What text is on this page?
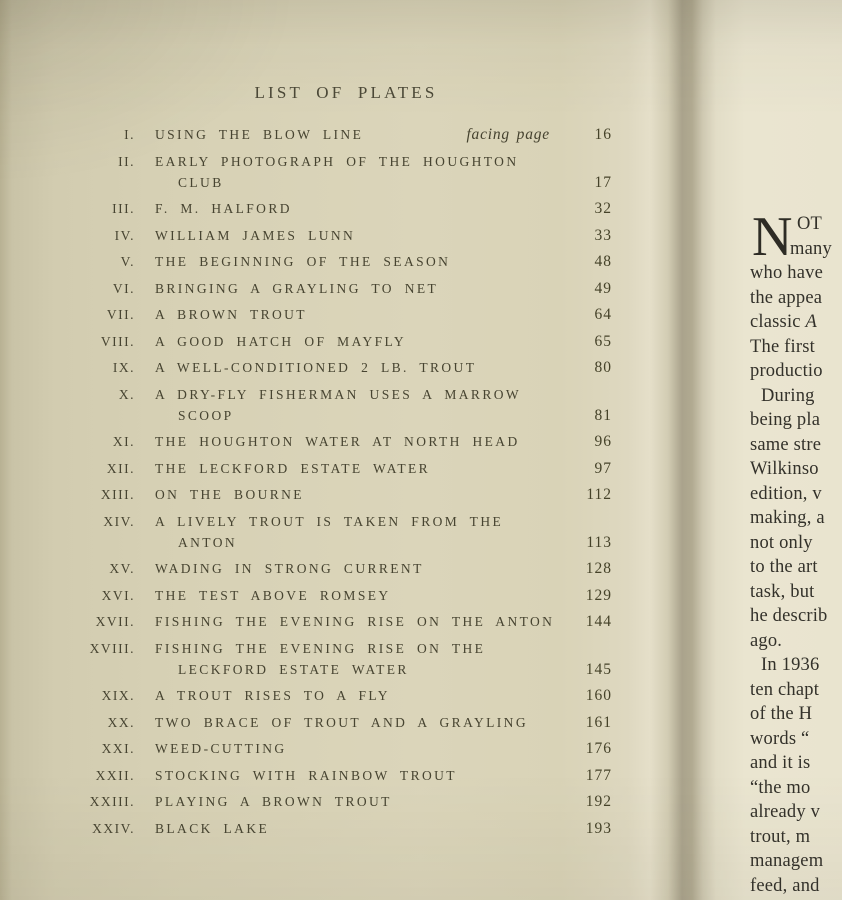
LIST OF PLATES
I. USING THE BLOW LINE	facing page	16
II. EARLY PHOTOGRAPH OF THE HOUGHTON
CLUB	17
III. F. M. HALFORD	32
IV. WILLIAM JAMES LUNN	33
V. THE BEGINNING OF THE SEASON	48
VI. BRINGING A GRAYLING TO NET	49
VII. A BROWN TROUT	64
VIII. A GOOD HATCH OF MAYFLY	65
IX. A WELL-CONDITIONED 2 LB. TROUT	80
X. A DRY-FLY FISHERMAN USES A MARROW
SCOOP	81
XI. THE HOUGHTON WATER AT NORTH HEAD	96
XII. THE LECKFORD ESTATE WATER	97
XIII. ON THE BOURNE	112
XIV. A LIVELY TROUT IS TAKEN FROM THE
ANTON	113
XV. WADING IN STRONG CURRENT	128
XVI. THE TEST ABOVE ROMSEY	129
XVII. FISHING THE EVENING RISE ON THE ANTON	144
XVIII. FISHING THE EVENING RISE ON THE
LECKFORD ESTATE WATER	145
XIX. A TROUT RISES TO A FLY	160
XX. TWO BRACE OF TROUT AND A GRAYLING	161
XXI. WEED-CUTTING	176
XXII. STOCKING WITH RAINBOW TROUT	177
XXIII. PLAYING A BROWN TROUT	192
XXIV. BLACK LAKE	193
N OT
many
who have
the appea
classic A
The first
productio
During
being pla
same stre
Wilkinso
edition, v
making, a
not only
to the art
task, but
he describ
ago.
In 1936
ten chapt
of the H
words “
and it is
“the mo
already v
trout, m
managem
feed, and
